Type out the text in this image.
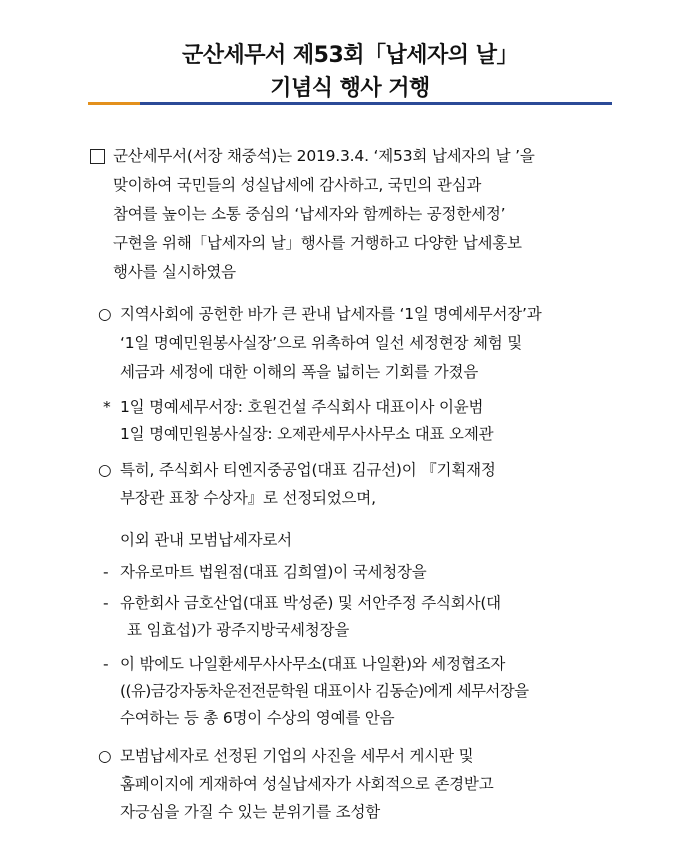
군산세무서 제53회「납세자의 날」
기념식 행사 거행
군산세무서(서장 채중석)는 2019.3.4. ‘제53회 납세자의 날 ’을
맞이하여 국민들의 성실납세에 감사하고, 국민의 관심과
참여를 높이는 소통 중심의 ‘납세자와 함께하는 공정한세정’
구현을 위해「납세자의 날」행사를 거행하고 다양한 납세홍보
행사를 실시하였음
○ 지역사회에 공헌한 바가 큰 관내 납세자를 ‘1일 명예세무서장’과
‘1일 명예민원봉사실장’으로 위촉하여 일선 세정현장 체험 및
세금과 세정에 대한 이해의 폭을 넓히는 기회를 가졌음
* 1일 명예세무서장: 호원건설 주식회사 대표이사 이윤범
1일 명예민원봉사실장: 오제관세무사사무소 대표 오제관
○ 특히, 주식회사 티엔지중공업(대표 김규선)이 『기획재정
부장관 표창 수상자』로 선정되었으며,
이외 관내 모범납세자로서
- 자유로마트 법원점(대표 김희열)이 국세청장을
- 유한회사 금호산업(대표 박성준) 및 서안주정 주식회사(대
표 임효섭)가 광주지방국세청장을
- 이 밖에도 나일환세무사사무소(대표 나일환)와 세정협조자
((유)금강자동차운전전문학원 대표이사 김동순)에게 세무서장을
수여하는 등 총 6명이 수상의 영예를 안음
○ 모범납세자로 선정된 기업의 사진을 세무서 게시판 및
홈페이지에 게재하여 성실납세자가 사회적으로 존경받고
자긍심을 가질 수 있는 분위기를 조성함
